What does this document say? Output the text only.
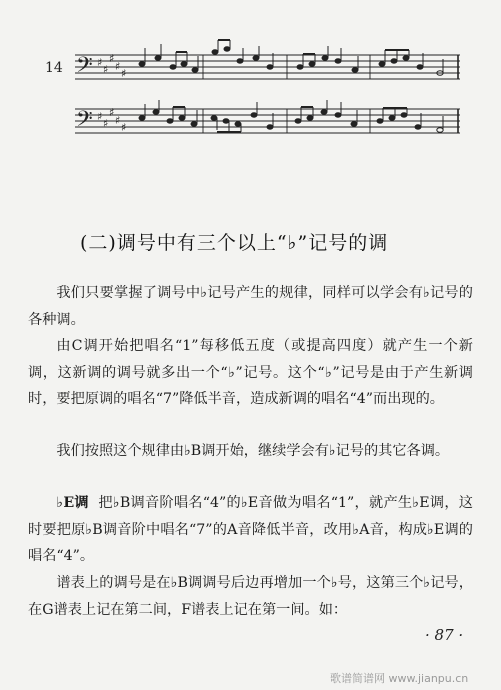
14 𝄢
𝄢
♯
♯
♯
♯
♯
♯
♯
♯
♯
♯
(二)调号中有三个以上“♭”记号的调

我们只要掌握了调号中♭记号产生的规律，同样可以学会有♭记号的各种调。

由C调开始把唱名“1”每移低五度（或提高四度）就产生一个新调，这新调的调号就多出一个“♭”记号。这个“♭”记号是由于产生新调时，要把原调的唱名“7”降低半音，造成新调的唱名“4”而出现的。

我们按照这个规律由♭B调开始，继续学会有♭记号的其它各调。

♭E调 把♭B调音阶唱名“4”的♭E音做为唱名“1”，就产生♭E调，这时要把原♭B调音阶中唱名“7”的A音降低半音，改用♭A音，构成♭E调的唱名“4”。

谱表上的调号是在♭B调调号后边再增加一个♭号，这第三个♭记号，在G谱表上记在第二间，F谱表上记在第一间。如：

· 87 ·
歌谱简谱网 www.jianpu.cn
